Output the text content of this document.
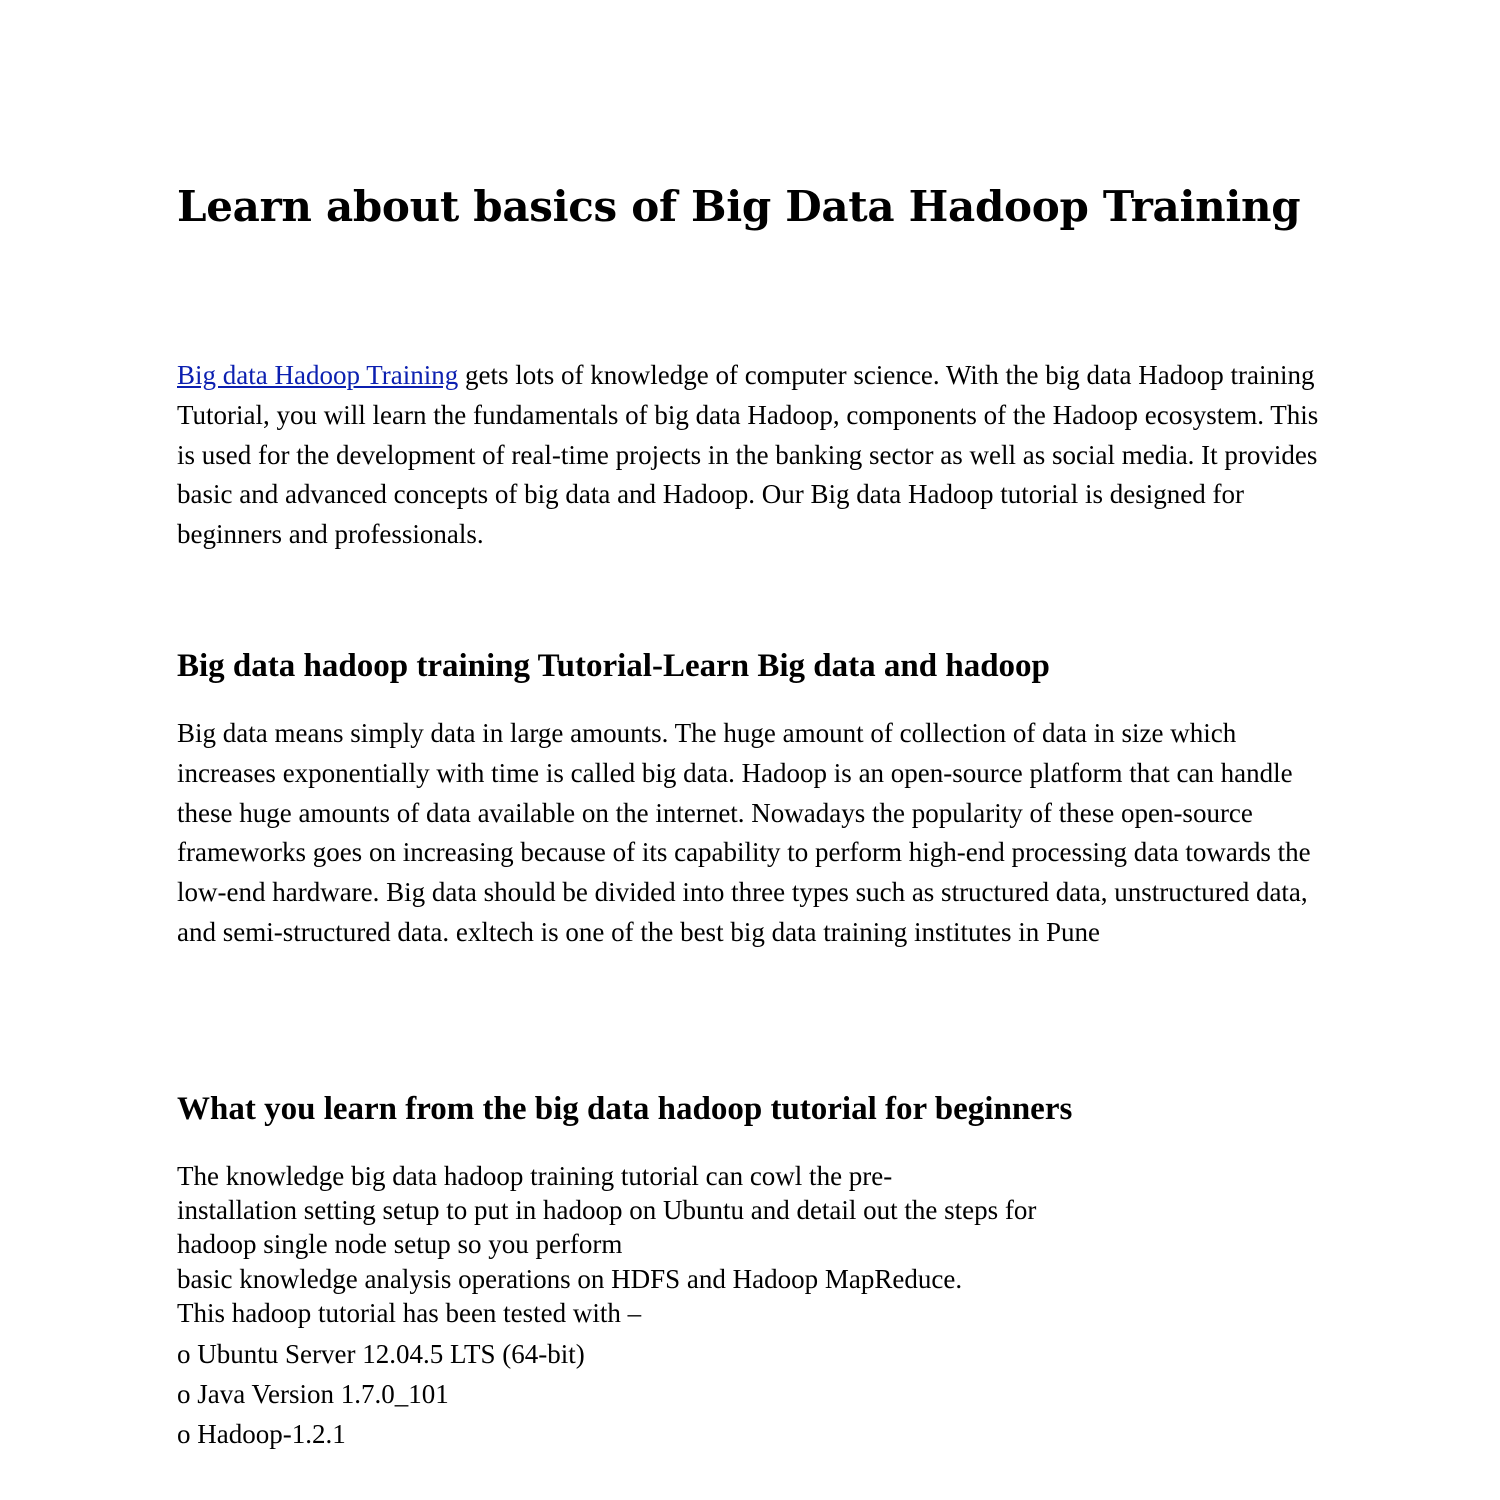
Learn about basics of Big Data Hadoop Training

Big data Hadoop Training gets lots of knowledge of computer science. With the big data Hadoop training Tutorial, you will learn the fundamentals of big data Hadoop, components of the Hadoop ecosystem. This is used for the development of real-time projects in the banking sector as well as social media. It provides basic and advanced concepts of big data and Hadoop. Our Big data Hadoop tutorial is designed for beginners and professionals.

Big data hadoop training Tutorial-Learn Big data and hadoop

Big data means simply data in large amounts. The huge amount of collection of data in size which increases exponentially with time is called big data. Hadoop is an open-source platform that can handle these huge amounts of data available on the internet. Nowadays the popularity of these open-source frameworks goes on increasing because of its capability to perform high-end processing data towards the low-end hardware. Big data should be divided into three types such as structured data, unstructured data, and semi-structured data. exltech is one of the best big data training institutes in Pune

What you learn from the big data hadoop tutorial for beginners

The knowledge big data hadoop training tutorial can cowl the pre-
installation setting setup to put in hadoop on Ubuntu and detail out the steps for
hadoop single node setup so you perform
basic knowledge analysis operations on HDFS and Hadoop MapReduce.
This hadoop tutorial has been tested with –

o Ubuntu Server 12.04.5 LTS (64-bit)
o Java Version 1.7.0_101
o Hadoop-1.2.1
